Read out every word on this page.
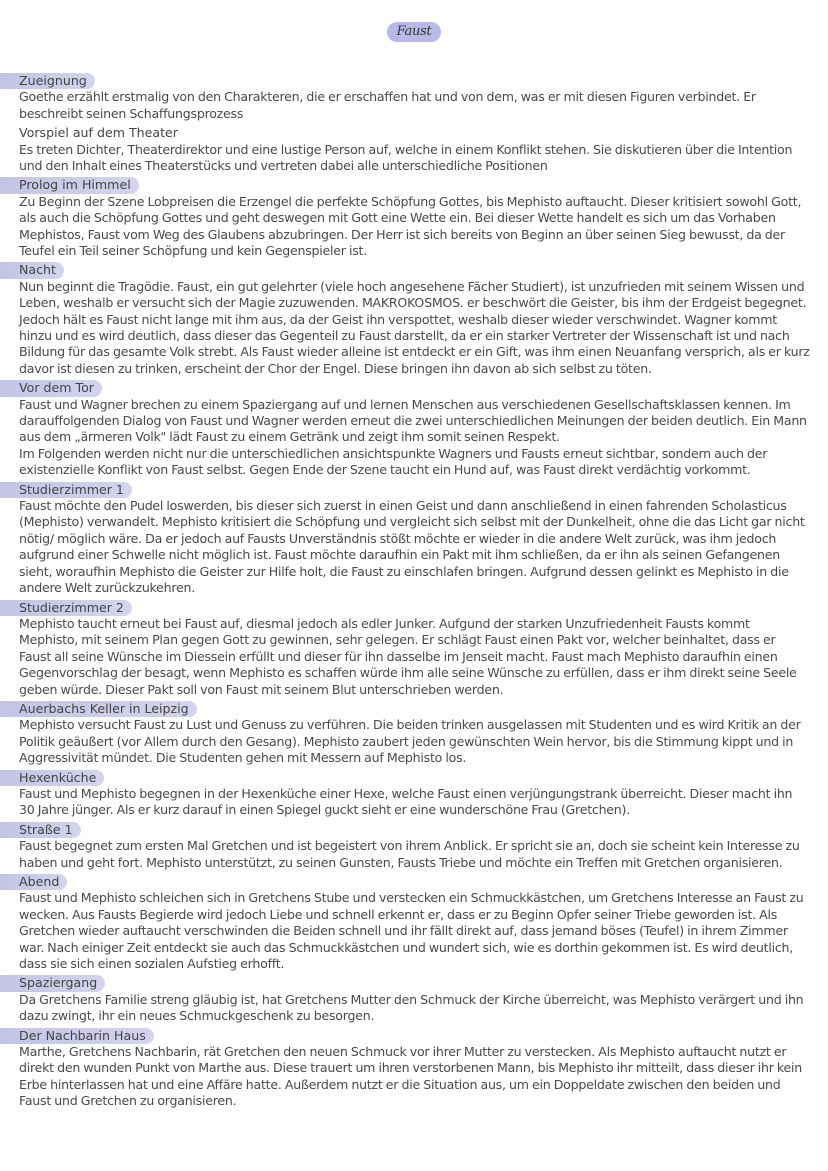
Faust
Zueignung

Goethe erzählt erstmalig von den Charakteren, die er erschaffen hat und von dem, was er mit diesen Figuren verbindet. Er beschreibt seinen Schaffungsprozess

Vorspiel auf dem Theater

Es treten Dichter, Theaterdirektor und eine lustige Person auf, welche in einem Konflikt stehen. Sie diskutieren über die Intention und den Inhalt eines Theaterstücks und vertreten dabei alle unterschiedliche Positionen

Prolog im Himmel

Zu Beginn der Szene Lobpreisen die Erzengel die perfekte Schöpfung Gottes, bis Mephisto auftaucht. Dieser kritisiert sowohl Gott, als auch die Schöpfung Gottes und geht deswegen mit Gott eine Wette ein. Bei dieser Wette handelt es sich um das Vorhaben Mephistos, Faust vom Weg des Glaubens abzubringen. Der Herr ist sich bereits von Beginn an über seinen Sieg bewusst, da der Teufel ein Teil seiner Schöpfung und kein Gegenspieler ist.

Nacht

Nun beginnt die Tragödie. Faust, ein gut gelehrter (viele hoch angesehene Fächer Studiert), ist unzufrieden mit seinem Wissen und Leben, weshalb er versucht sich der Magie zuzuwenden. MAKROKOSMOS. er beschwört die Geister, bis ihm der Erdgeist begegnet. Jedoch hält es Faust nicht lange mit ihm aus, da der Geist ihn verspottet, weshalb dieser wieder verschwindet. Wagner kommt hinzu und es wird deutlich, dass dieser das Gegenteil zu Faust darstellt, da er ein starker Vertreter der Wissenschaft ist und nach Bildung für das gesamte Volk strebt. Als Faust wieder alleine ist entdeckt er ein Gift, was ihm einen Neuanfang versprich, als er kurz davor ist diesen zu trinken, erscheint der Chor der Engel. Diese bringen ihn davon ab sich selbst zu töten.

Vor dem Tor

Faust und Wagner brechen zu einem Spaziergang auf und lernen Menschen aus verschiedenen Gesellschaftsklassen kennen. Im darauffolgenden Dialog von Faust und Wagner werden erneut die zwei unterschiedlichen Meinungen der beiden deutlich. Ein Mann aus dem „ärmeren Volk" lädt Faust zu einem Getränk und zeigt ihm somit seinen Respekt.

Im Folgenden werden nicht nur die unterschiedlichen ansichtspunkte Wagners und Fausts erneut sichtbar, sondern auch der existenzielle Konflikt von Faust selbst. Gegen Ende der Szene taucht ein Hund auf, was Faust direkt verdächtig vorkommt.

Studierzimmer 1

Faust möchte den Pudel loswerden, bis dieser sich zuerst in einen Geist und dann anschließend in einen fahrenden Scholasticus (Mephisto) verwandelt. Mephisto kritisiert die Schöpfung und vergleicht sich selbst mit der Dunkelheit, ohne die das Licht gar nicht nötig/ möglich wäre. Da er jedoch auf Fausts Unverständnis stößt möchte er wieder in die andere Welt zurück, was ihm jedoch aufgrund einer Schwelle nicht möglich ist. Faust möchte daraufhin ein Pakt mit ihm schließen, da er ihn als seinen Gefangenen sieht, woraufhin Mephisto die Geister zur Hilfe holt, die Faust zu einschlafen bringen. Aufgrund dessen gelinkt es Mephisto in die andere Welt zurückzukehren.

Studierzimmer 2

Mephisto taucht erneut bei Faust auf, diesmal jedoch als edler Junker. Aufgund der starken Unzufriedenheit Fausts kommt Mephisto, mit seinem Plan gegen Gott zu gewinnen, sehr gelegen. Er schlägt Faust einen Pakt vor, welcher beinhaltet, dass er Faust all seine Wünsche im Diessein erfüllt und dieser für ihn dasselbe im Jenseit macht. Faust mach Mephisto daraufhin einen Gegenvorschlag der besagt, wenn Mephisto es schaffen würde ihm alle seine Wünsche zu erfüllen, dass er ihm direkt seine Seele geben würde. Dieser Pakt soll von Faust mit seinem Blut unterschrieben werden.

Auerbachs Keller in Leipzig

Mephisto versucht Faust zu Lust und Genuss zu verführen. Die beiden trinken ausgelassen mit Studenten und es wird Kritik an der Politik geäußert (vor Allem durch den Gesang). Mephisto zaubert jeden gewünschten Wein hervor, bis die Stimmung kippt und in Aggressivität mündet. Die Studenten gehen mit Messern auf Mephisto los.

Hexenküche

Faust und Mephisto begegnen in der Hexenküche einer Hexe, welche Faust einen verjüngungstrank überreicht. Dieser macht ihn 30 Jahre jünger. Als er kurz darauf in einen Spiegel guckt sieht er eine wunderschöne Frau (Gretchen).

Straße 1

Faust begegnet zum ersten Mal Gretchen und ist begeistert von ihrem Anblick. Er spricht sie an, doch sie scheint kein Interesse zu haben und geht fort. Mephisto unterstützt, zu seinen Gunsten, Fausts Triebe und möchte ein Treffen mit Gretchen organisieren.

Abend

Faust und Mephisto schleichen sich in Gretchens Stube und verstecken ein Schmuckkästchen, um Gretchens Interesse an Faust zu wecken. Aus Fausts Begierde wird jedoch Liebe und schnell erkennt er, dass er zu Beginn Opfer seiner Triebe geworden ist. Als Gretchen wieder auftaucht verschwinden die Beiden schnell und ihr fällt direkt auf, dass jemand böses (Teufel) in ihrem Zimmer war. Nach einiger Zeit entdeckt sie auch das Schmuckkästchen und wundert sich, wie es dorthin gekommen ist. Es wird deutlich, dass sie sich einen sozialen Aufstieg erhofft.

Spaziergang

Da Gretchens Familie streng gläubig ist, hat Gretchens Mutter den Schmuck der Kirche überreicht, was Mephisto verärgert und ihn dazu zwingt, ihr ein neues Schmuckgeschenk zu besorgen.

Der Nachbarin Haus

Marthe, Gretchens Nachbarin, rät Gretchen den neuen Schmuck vor ihrer Mutter zu verstecken. Als Mephisto auftaucht nutzt er direkt den wunden Punkt von Marthe aus. Diese trauert um ihren verstorbenen Mann, bis Mephisto ihr mitteilt, dass dieser ihr kein Erbe hinterlassen hat und eine Affäre hatte. Außerdem nutzt er die Situation aus, um ein Doppeldate zwischen den beiden und Faust und Gretchen zu organisieren.
